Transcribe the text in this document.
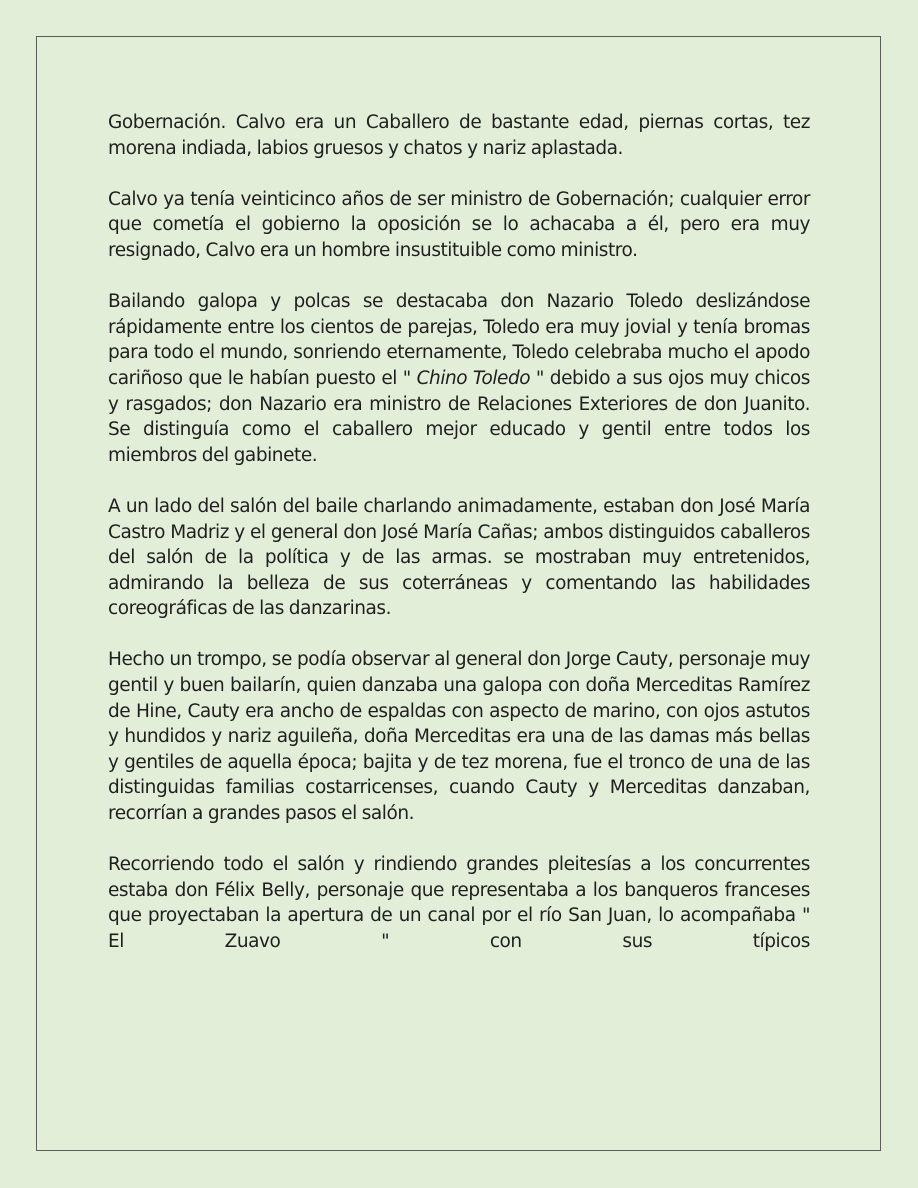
Gobernación. Calvo era un Caballero de bastante edad, piernas cortas, tez morena indiada, labios gruesos y chatos y nariz aplastada.

Calvo ya tenía veinticinco años de ser ministro de Gobernación; cualquier error que cometía el gobierno la oposición se lo achacaba a él, pero era muy resignado, Calvo era un hombre insustituible como ministro.

Bailando galopa y polcas se destacaba don Nazario Toledo deslizándose rápidamente entre los cientos de parejas, Toledo era muy jovial y tenía bromas para todo el mundo, sonriendo eternamente, Toledo celebraba mucho el apodo cariñoso que le habían puesto el " Chino Toledo " debido a sus ojos muy chicos y rasgados; don Nazario era ministro de Relaciones Exteriores de don Juanito. Se distinguía como el caballero mejor educado y gentil entre todos los miembros del gabinete.

A un lado del salón del baile charlando animadamente, estaban don José María Castro Madriz y el general don José María Cañas; ambos distinguidos caballeros del salón de la política y de las armas. se mostraban muy entretenidos, admirando la belleza de sus coterráneas y comentando las habilidades coreográficas de las danzarinas.

Hecho un trompo, se podía observar al general don Jorge Cauty, personaje muy gentil y buen bailarín, quien danzaba una galopa con doña Merceditas Ramírez de Hine, Cauty era ancho de espaldas con aspecto de marino, con ojos astutos y hundidos y nariz aguileña, doña Merceditas era una de las damas más bellas y gentiles de aquella época; bajita y de tez morena, fue el tronco de una de las distinguidas familias costarricenses, cuando Cauty y Merceditas danzaban, recorrían a grandes pasos el salón.

Recorriendo todo el salón y rindiendo grandes pleitesías a los concurrentes estaba don Félix Belly, personaje que representaba a los banqueros franceses que proyectaban la apertura de un canal por el río San Juan, lo acompañaba " El Zuavo " con sus típicos
